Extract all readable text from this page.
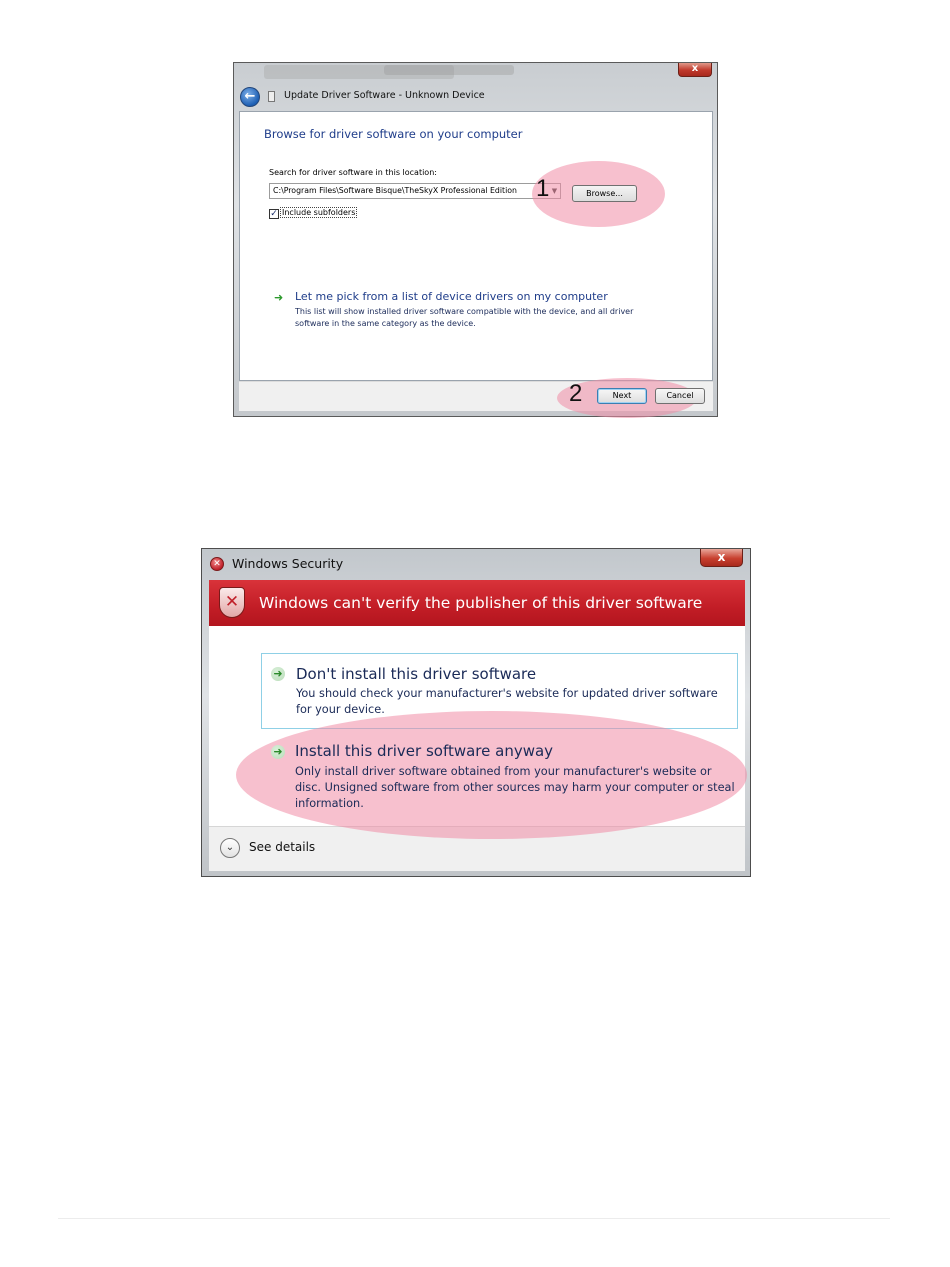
x
←	Update Driver Software - Unknown Device
Browse for driver software on your computer
Search for driver software in this location:
C:\Program Files\Software Bisque\TheSkyX Professional Edition
✓ Include subfolders
1	Browse...
➜ Let me pick from a list of device drivers on my computer
This list will show installed driver software compatible with the device, and all driver software in the same category as the device.
2	Next	Cancel
x
✕ Windows Security
✕	Windows can't verify the publisher of this driver software
➜ Don't install this driver software
You should check your manufacturer's website for updated driver software for your device.
➜ Install this driver software anyway
Only install driver software obtained from your manufacturer's website or disc. Unsigned software from other sources may harm your computer or steal information.
⌄	See details
